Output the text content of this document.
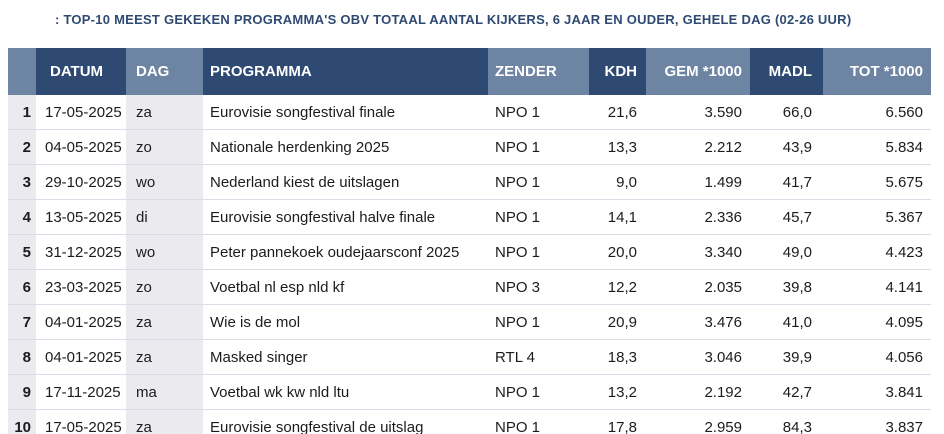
: TOP-10 MEEST GEKEKEN PROGRAMMA'S OBV TOTAAL AANTAL KIJKERS, 6 JAAR EN OUDER, GEHELE DAG (02-26 UUR)
	DATUM	DAG	PROGRAMMA	ZENDER	KDH	GEM *1000	MADL	TOT *1000
1	17-05-2025	za	Eurovisie songfestival finale	NPO 1	21,6	3.590	66,0	6.560
2	04-05-2025	zo	Nationale herdenking 2025	NPO 1	13,3	2.212	43,9	5.834
3	29-10-2025	wo	Nederland kiest de uitslagen	NPO 1	9,0	1.499	41,7	5.675
4	13-05-2025	di	Eurovisie songfestival halve finale	NPO 1	14,1	2.336	45,7	5.367
5	31-12-2025	wo	Peter pannekoek oudejaarsconf 2025	NPO 1	20,0	3.340	49,0	4.423
6	23-03-2025	zo	Voetbal nl esp nld kf	NPO 3	12,2	2.035	39,8	4.141
7	04-01-2025	za	Wie is de mol	NPO 1	20,9	3.476	41,0	4.095
8	04-01-2025	za	Masked singer	RTL 4	18,3	3.046	39,9	4.056
9	17-11-2025	ma	Voetbal wk kw nld ltu	NPO 1	13,2	2.192	42,7	3.841
10	17-05-2025	za	Eurovisie songfestival de uitslag	NPO 1	17,8	2.959	84,3	3.837
